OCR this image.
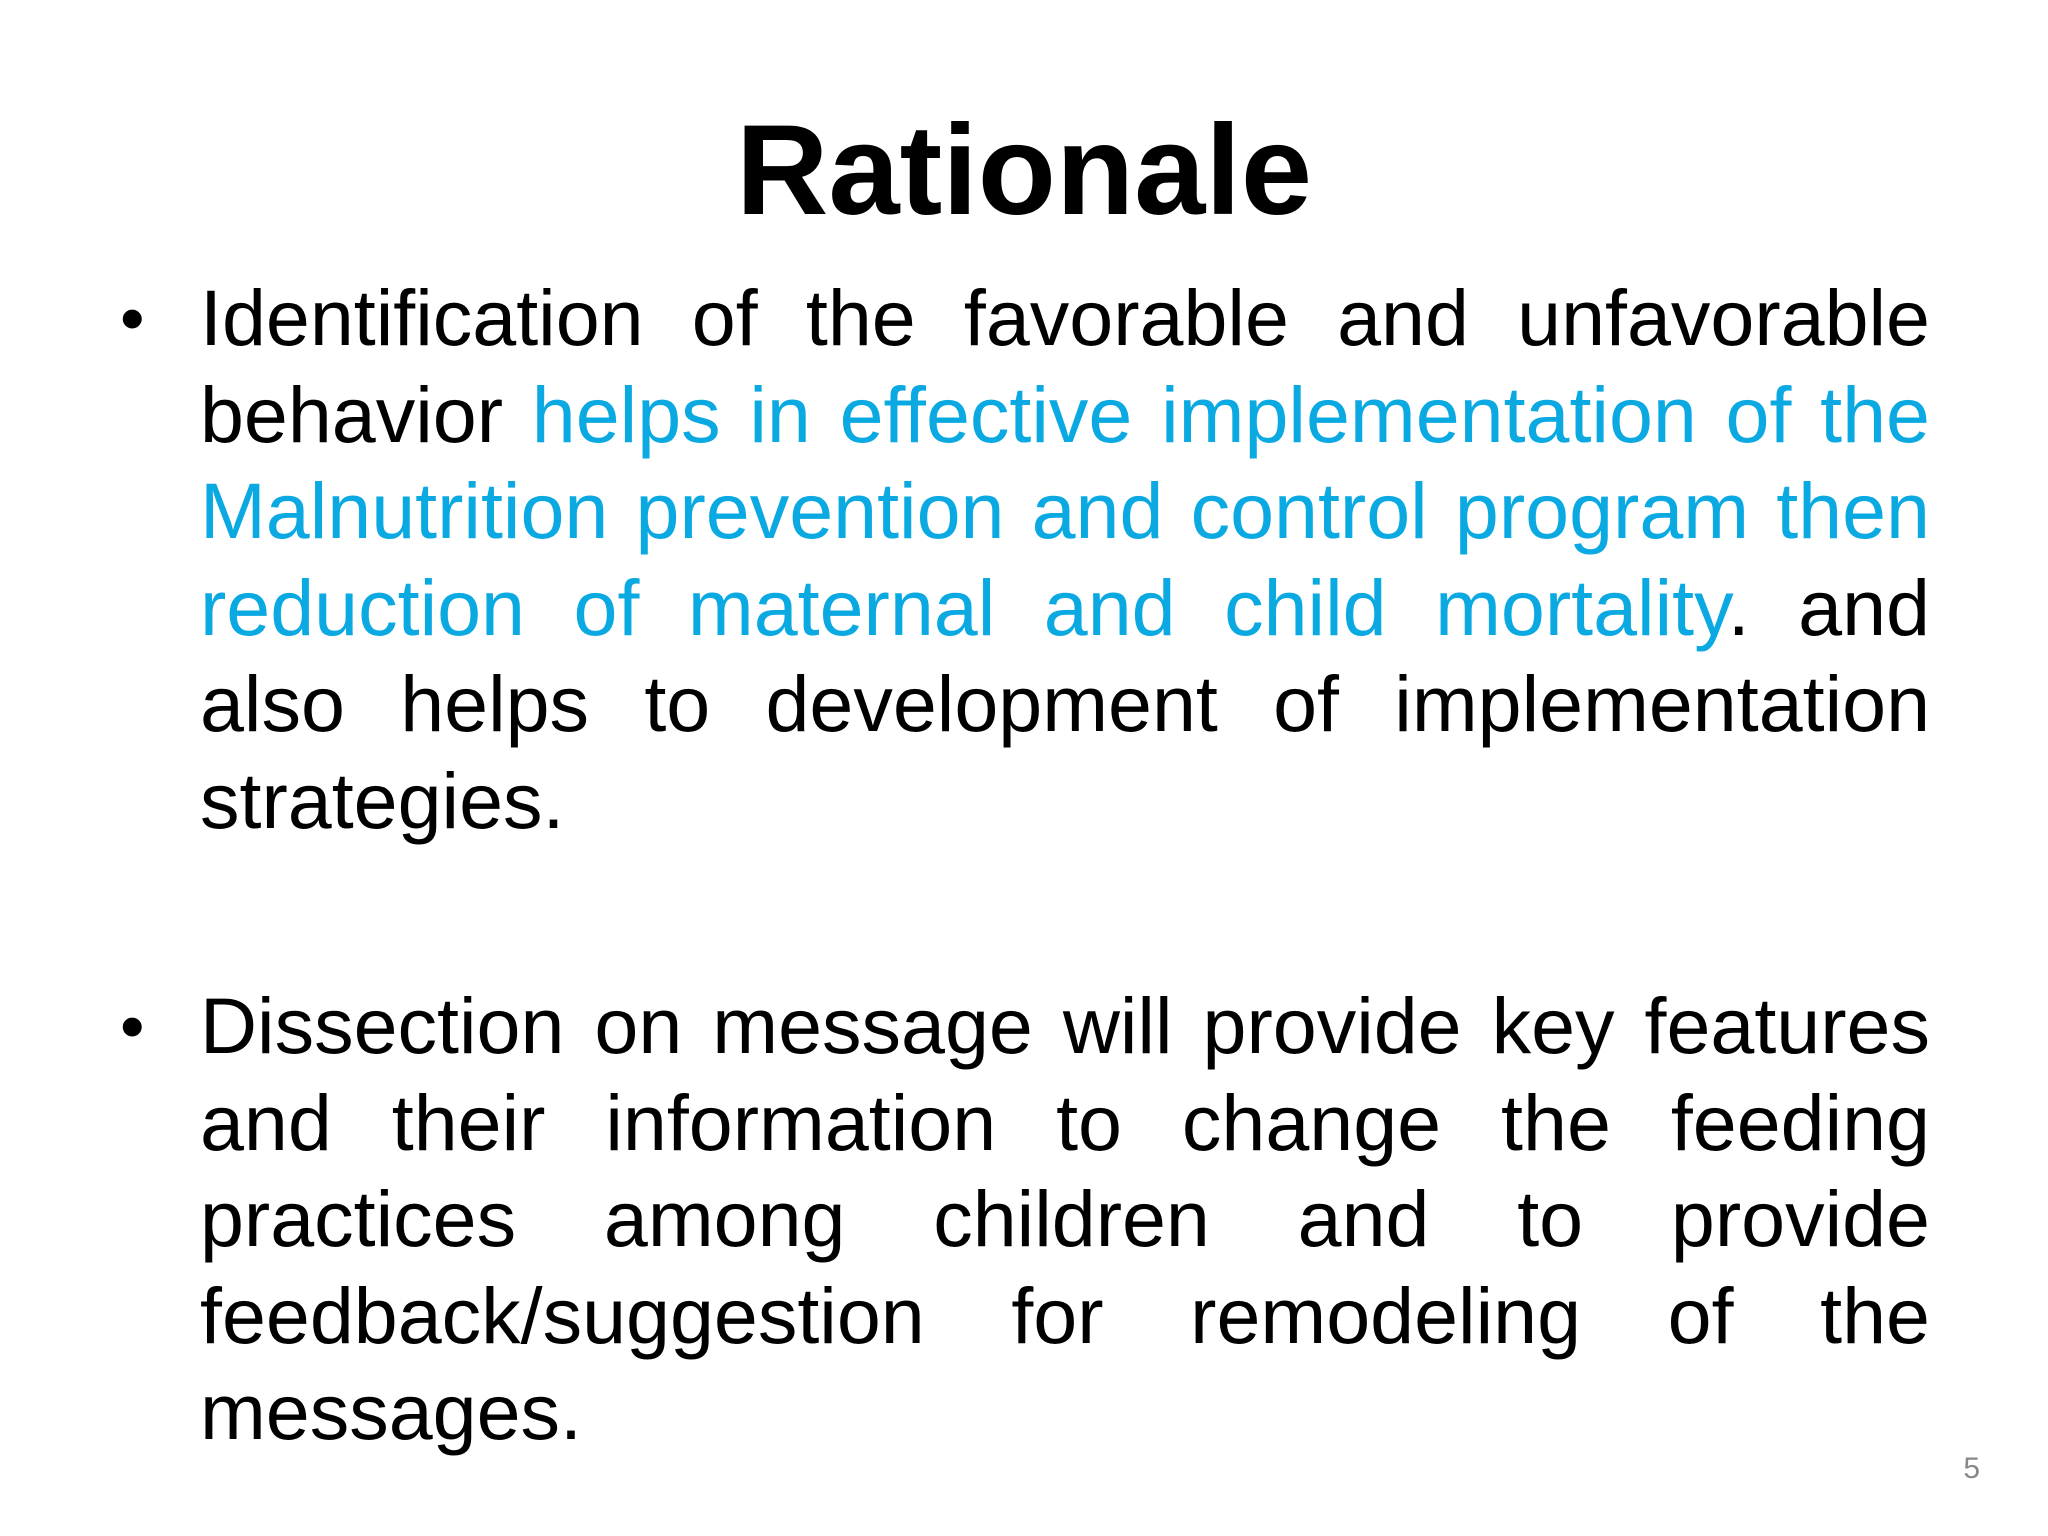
Rationale
• Identification of the favorable and unfavorable behavior helps in effective implementation of the Malnutrition prevention and control program then reduction of maternal and child mortality. and also helps to development of implementation strategies.
• Dissection on message will provide key features and their information to change the feeding practices among children and to provide feedback/suggestion for remodeling of the messages.
5
